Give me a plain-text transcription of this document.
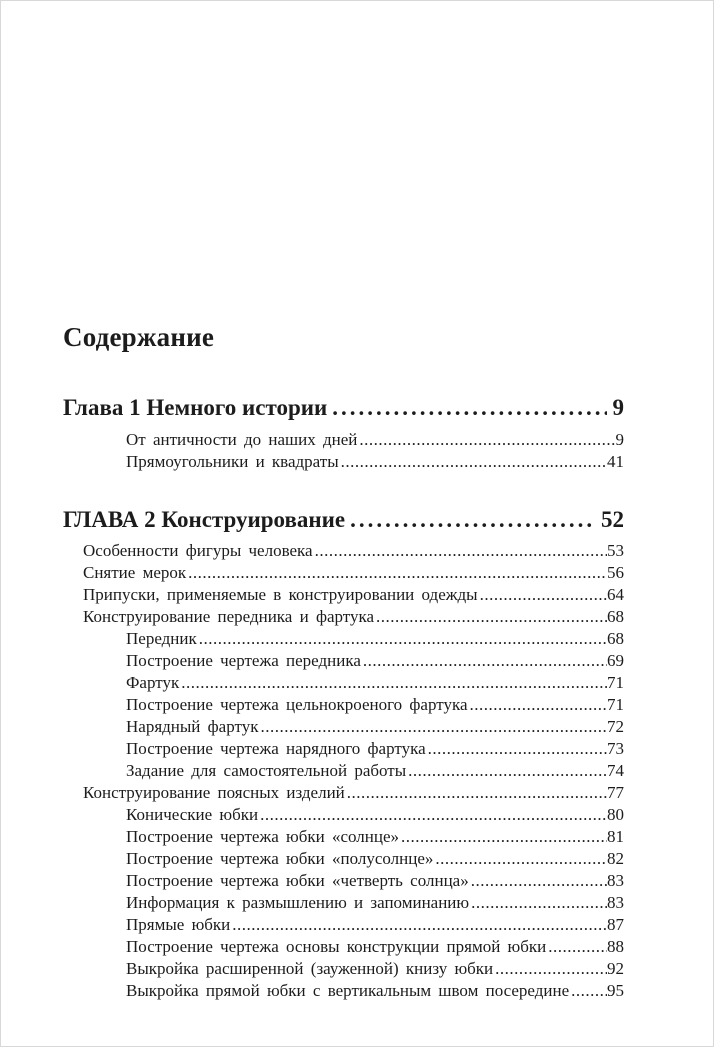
Содержание
Глава 1 Немного истории .....	9
От античности до наших дней .....	9
Прямоугольники и квадраты .....	41
ГЛАВА 2 Конструирование .....	52
Особенности фигуры человека .....	53
Снятие мерок .....	56
Припуски, применяемые в конструировании одежды .....	64
Конструирование передника и фартука .....	68
Передник .....	68
Построение чертежа передника .....	69
Фартук .....	71
Построение чертежа цельнокроеного фартука .....	71
Нарядный фартук .....	72
Построение чертежа нарядного фартука .....	73
Задание для самостоятельной работы .....	74
Конструирование поясных изделий .....	77
Конические юбки .....	80
Построение чертежа юбки «солнце» .....	81
Построение чертежа юбки «полусолнце» .....	82
Построение чертежа юбки «четверть солнца» .....	83
Информация к размышлению и запоминанию .....	83
Прямые юбки .....	87
Построение чертежа основы конструкции прямой юбки .....	88
Выкройка расширенной (зауженной) книзу юбки .....	92
Выкройка прямой юбки с вертикальным швом посередине ..... 95
